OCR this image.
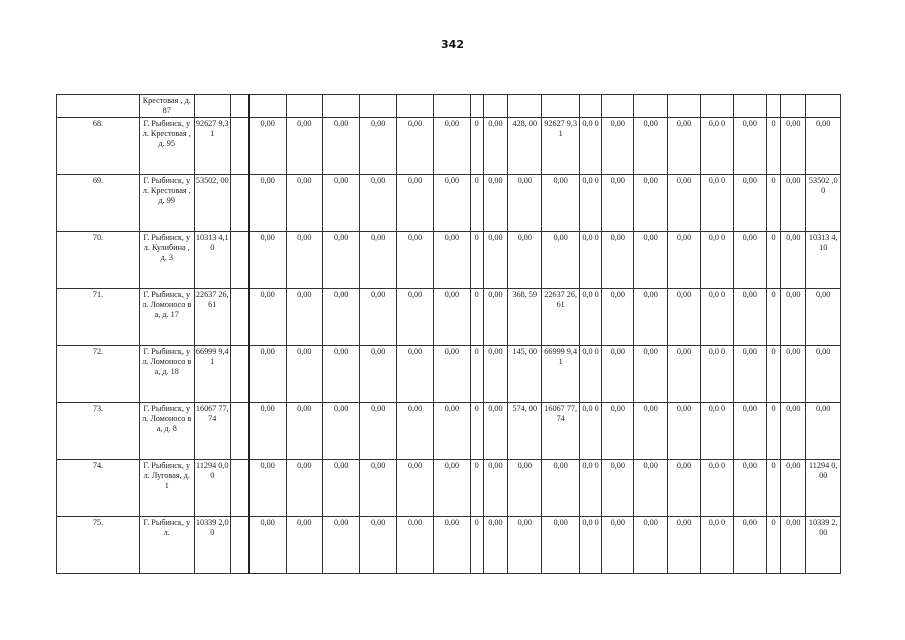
342
	Крестовая , д. 87																					
68.	Г. Рыбинск, ул. Крестовая , д. 95	92627 9,31		0,00	0,00	0,00	0,00	0,00	0,00	0	0,00	428, 00	92627 9,31	0,0 0	0,00	0,00	0,00	0,0 0	0,00	0	0,00	0,00
69.	Г. Рыбинск, ул. Крестовая , д. 99	53502, 00		0,00	0,00	0,00	0,00	0,00	0,00	0	0,00	0,00	0,00	0,0 0	0,00	0,00	0,00	0,0 0	0,00	0	0,00	53502 ,00
70.	Г. Рыбинск, ул. Кулибина , д. 3	10313 4,10		0,00	0,00	0,00	0,00	0,00	0,00	0	0,00	0,00	0,00	0,0 0	0,00	0,00	0,00	0,0 0	0,00	0	0,00	10313 4,10
71.	Г. Рыбинск, ул. Ломоносо ва, д. 17	22637 26,61		0,00	0,00	0,00	0,00	0,00	0,00	0	0,00	368, 59	22637 26,61	0,0 0	0,00	0,00	0,00	0,0 0	0,00	0	0,00	0,00
72.	Г. Рыбинск, ул. Ломоносо ва, д. 18	66999 9,41		0,00	0,00	0,00	0,00	0,00	0,00	0	0,00	145, 00	66999 9,41	0,0 0	0,00	0,00	0,00	0,0 0	0,00	0	0,00	0,00
73.	Г. Рыбинск, ул. Ломоносо ва, д. 8	16067 77,74		0,00	0,00	0,00	0,00	0,00	0,00	0	0,00	574, 00	16067 77,74	0,0 0	0,00	0,00	0,00	0,0 0	0,00	0	0,00	0,00
74.	Г. Рыбинск, ул. Луговая, д. 1	11294 0,00		0,00	0,00	0,00	0,00	0,00	0,00	0	0,00	0,00	0,00	0,0 0	0,00	0,00	0,00	0,0 0	0,00	0	0,00	11294 0,00
75.	Г. Рыбинск, ул.	10339 2,00		0,00	0,00	0,00	0,00	0,00	0,00	0	0,00	0,00	0,00	0,0 0	0,00	0,00	0,00	0,0 0	0,00	0	0,00	10339 2,00
